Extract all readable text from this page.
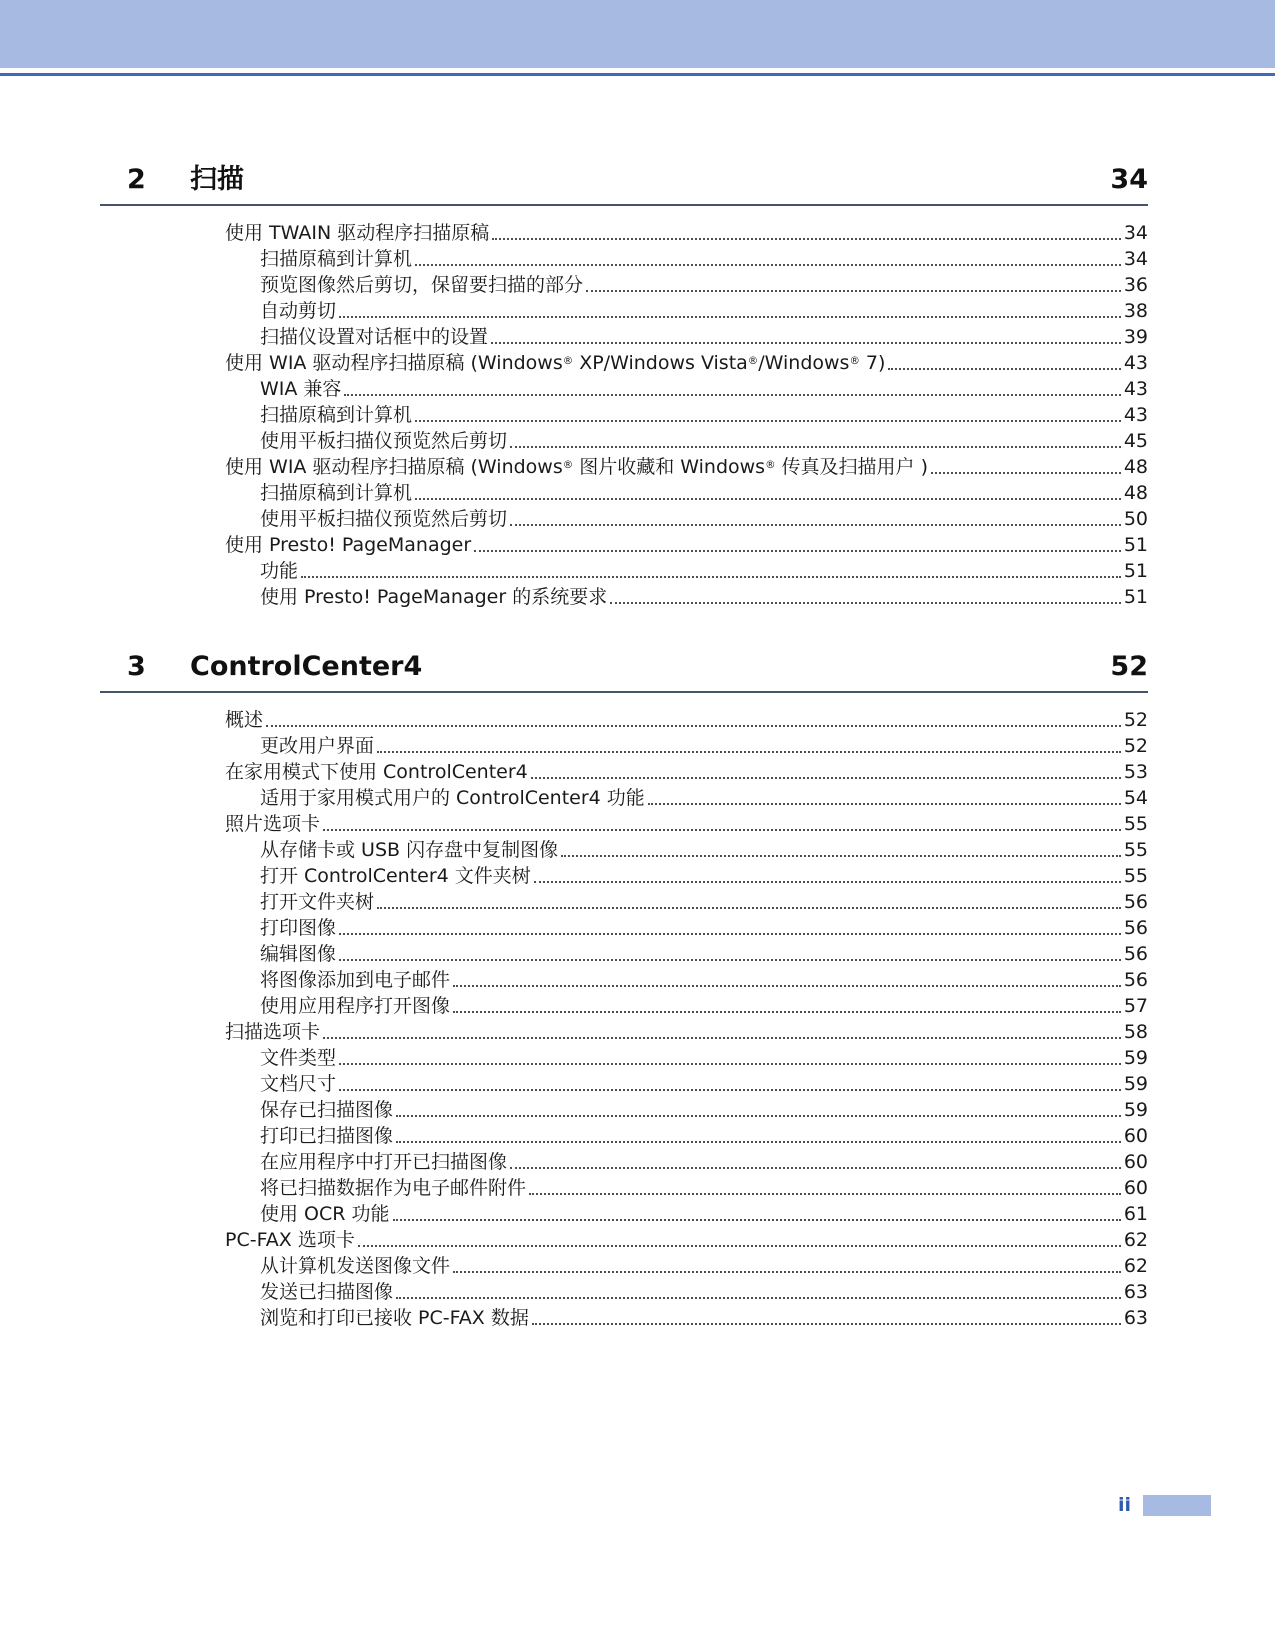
2	扫描	34
使用 TWAIN 驱动程序扫描原稿	34
扫描原稿到计算机	34
预览图像然后剪切，保留要扫描的部分	36
自动剪切	38
扫描仪设置对话框中的设置	39
使用 WIA 驱动程序扫描原稿 (Windows® XP/Windows Vista®/Windows® 7)	43
WIA 兼容	43
扫描原稿到计算机	43
使用平板扫描仪预览然后剪切	45
使用 WIA 驱动程序扫描原稿 (Windows® 图片收藏和 Windows® 传真及扫描用户 )	48
扫描原稿到计算机	48
使用平板扫描仪预览然后剪切	50
使用 Presto! PageManager	51
功能	51
使用 Presto! PageManager 的系统要求	51
3	ControlCenter4	52
概述	52
更改用户界面	52
在家用模式下使用 ControlCenter4	53
适用于家用模式用户的 ControlCenter4 功能	54
照片选项卡	55
从存储卡或 USB 闪存盘中复制图像	55
打开 ControlCenter4 文件夹树	55
打开文件夹树	56
打印图像	56
编辑图像	56
将图像添加到电子邮件	56
使用应用程序打开图像	57
扫描选项卡	58
文件类型	59
文档尺寸	59
保存已扫描图像	59
打印已扫描图像	60
在应用程序中打开已扫描图像	60
将已扫描数据作为电子邮件附件	60
使用 OCR 功能	61
PC-FAX 选项卡	62
从计算机发送图像文件	62
发送已扫描图像	63
浏览和打印已接收 PC-FAX 数据	63
ii
